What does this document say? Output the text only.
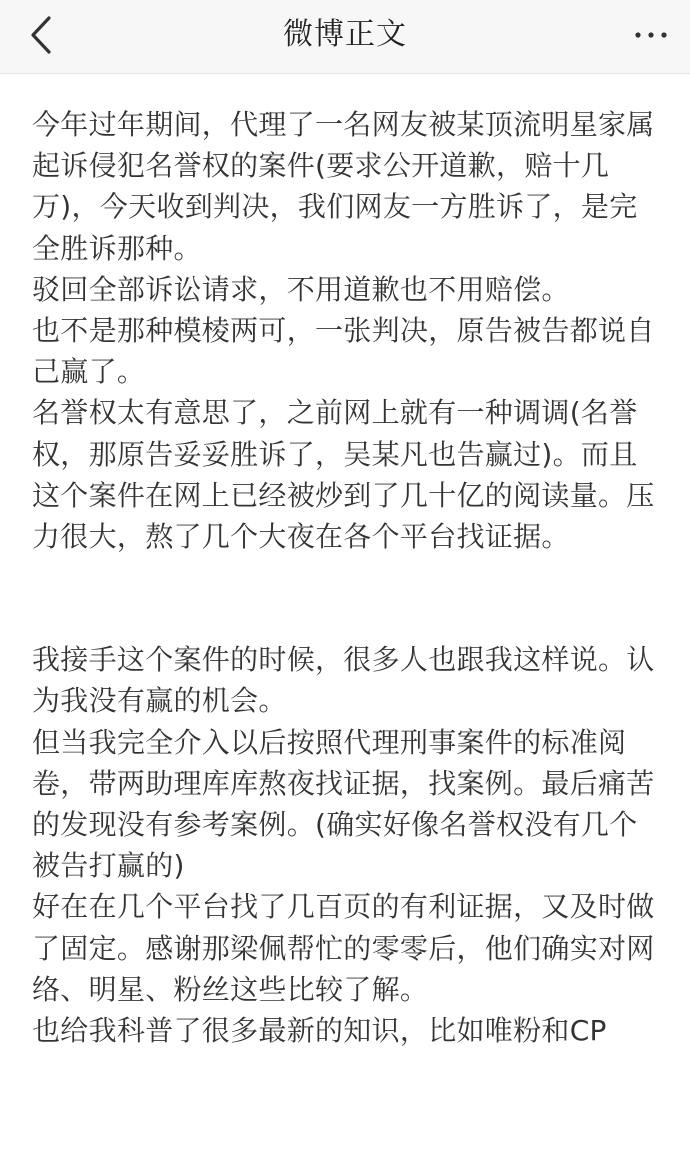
微博正文

今年过年期间，代理了一名网友被某顶流明星家属起诉侵犯名誉权的案件(要求公开道歉，赔十几万)，今天收到判决，我们网友一方胜诉了，是完全胜诉那种。

驳回全部诉讼请求，不用道歉也不用赔偿。

也不是那种模棱两可，一张判决，原告被告都说自己赢了。

名誉权太有意思了，之前网上就有一种调调(名誉权，那原告妥妥胜诉了，吴某凡也告赢过)。而且这个案件在网上已经被炒到了几十亿的阅读量。压力很大，熬了几个大夜在各个平台找证据。

我接手这个案件的时候，很多人也跟我这样说。认为我没有赢的机会。

但当我完全介入以后按照代理刑事案件的标准阅卷，带两助理库库熬夜找证据，找案例。最后痛苦的发现没有参考案例。(确实好像名誉权没有几个被告打赢的)

好在在几个平台找了几百页的有利证据，又及时做了固定。感谢那梁佩帮忙的零零后，他们确实对网络、明星、粉丝这些比较了解。

也给我科普了很多最新的知识，比如唯粉和CP
